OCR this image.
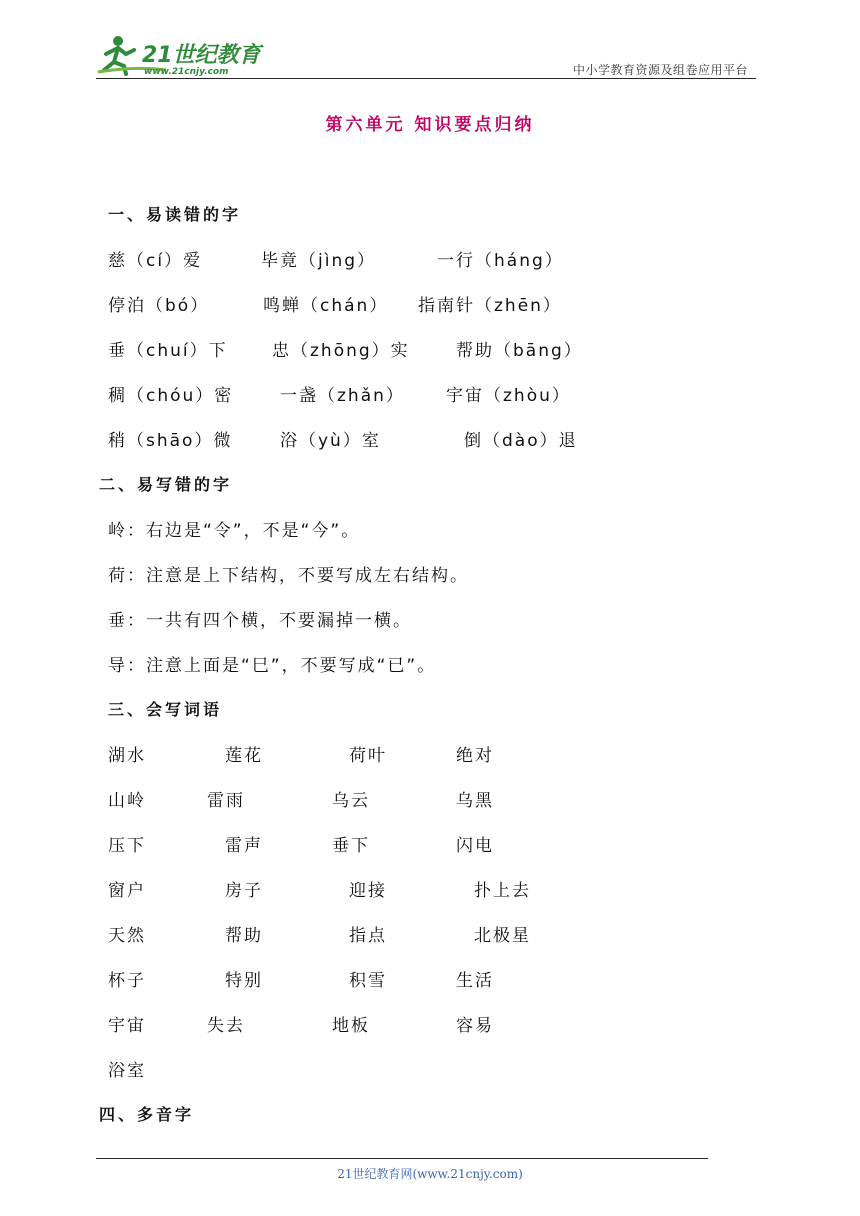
21世纪教育
www.21cnjy.com	中小学教育资源及组卷应用平台
第六单元 知识要点归纳
一、易读错的字
慈（cí）爱	毕竟（jìng）	一行（háng）
停泊（bó）	鸣蝉（chán） 指南针（zhēn）
垂（chuí）下	忠（zhōng）实	帮助（bāng）
稠（chóu）密	一盏（zhǎn） 宇宙（zhòu）
稍（shāo）微	浴（yù）室	倒（dào）退
二、易写错的字
岭：右边是“令”，不是“今”。
荷：注意是上下结构，不要写成左右结构。
垂：一共有四个横，不要漏掉一横。
导：注意上面是“巳”，不要写成“已”。
三、会写词语
湖水	莲花	荷叶	绝对
山岭	雷雨	乌云	乌黑
压下	雷声	垂下	闪电
窗户	房子	迎接	扑上去
天然	帮助	指点	北极星
杯子	特别	积雪	生活
宇宙	失去	地板	容易
浴室
四、多音字
21世纪教育网(www.21cnjy.com)
